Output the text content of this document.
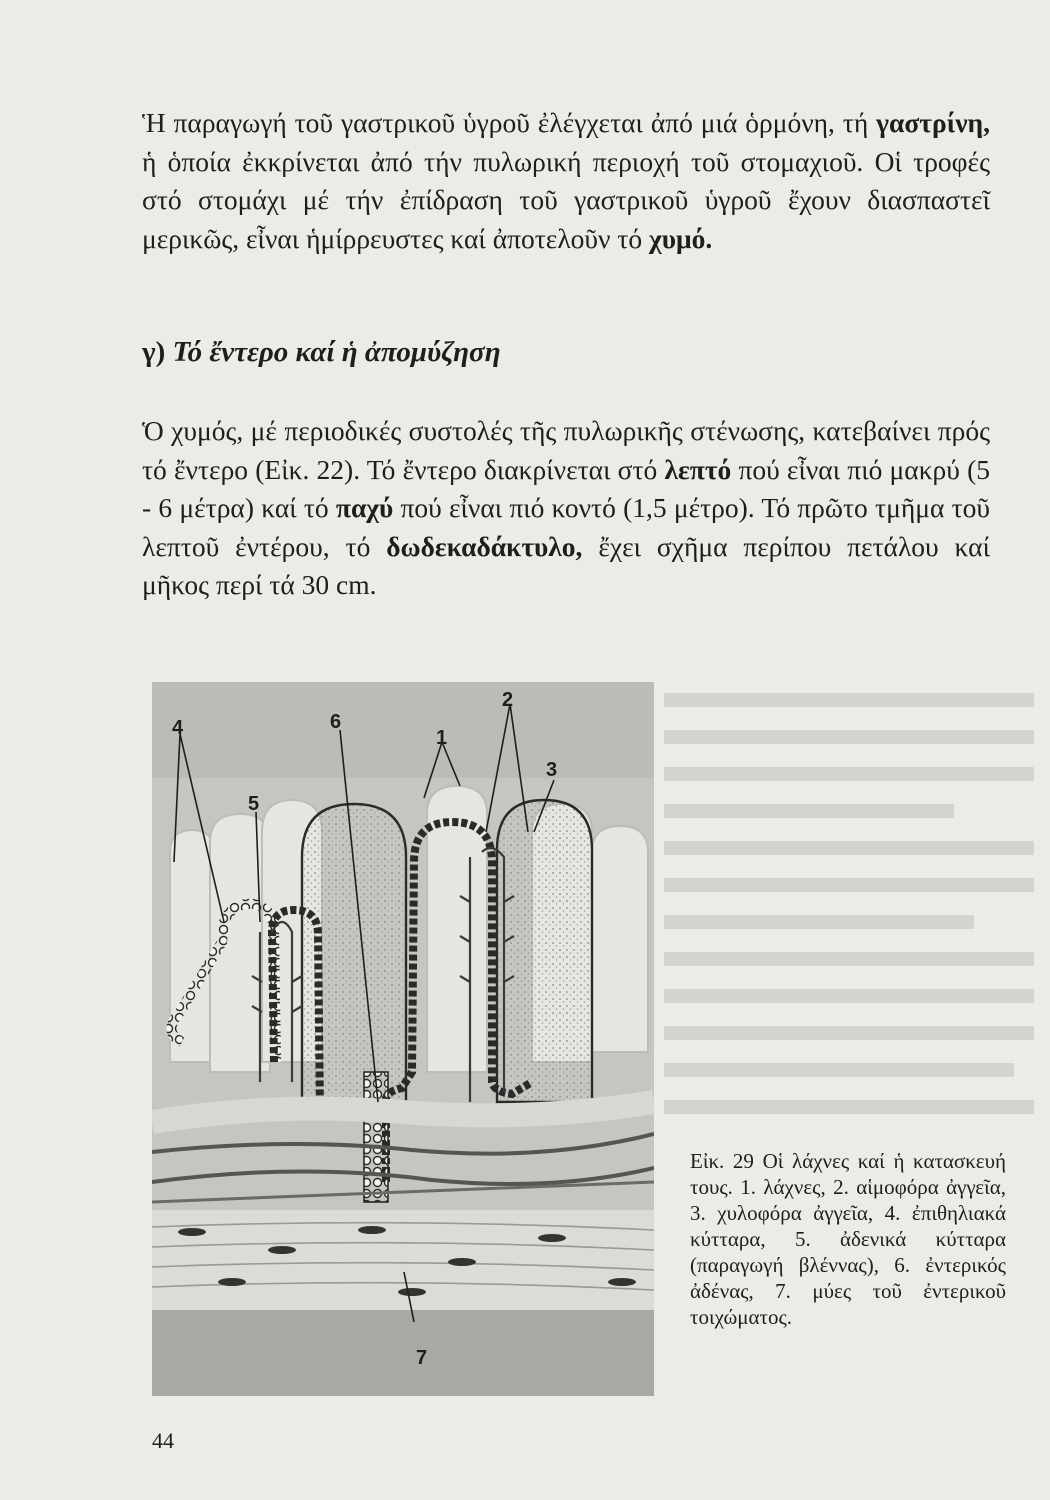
Ἡ παραγωγή τοῦ γαστρικοῦ ὑγροῦ ἐλέγχεται ἀπό μιά ὁρμόνη, τή γαστρίνη, ἡ ὁποία ἐκκρίνεται ἀπό τήν πυλωρική περιοχή τοῦ στομαχιοῦ. Οἱ τροφές στό στομάχι μέ τήν ἐπίδραση τοῦ γαστρικοῦ ὑγροῦ ἔχουν διασπαστεῖ μερικῶς, εἶναι ἡμίρρευστες καί ἀποτελοῦν τό χυμό.

γ) Τό ἔντερο καί ἡ ἀπομύζηση

Ὁ χυμός, μέ περιοδικές συστολές τῆς πυλωρικῆς στένωσης, κατεβαίνει πρός τό ἔντερο (Εἰκ. 22). Τό ἔντερο διακρίνεται στό λεπτό πού εἶναι πιό μακρύ (5 - 6 μέτρα) καί τό παχύ πού εἶναι πιό κοντό (1,5 μέτρο). Τό πρῶτο τμῆμα τοῦ λεπτοῦ ἐντέρου, τό δωδεκαδάκτυλο, ἔχει σχῆμα περίπου πετάλου καί μῆκος περί τά 30 cm.

1
2
3
4
5
6
7

Εἰκ. 29 Οἱ λάχνες καί ἡ κατασκευή τους. 1. λάχνες, 2. αἱμοφόρα ἀγγεῖα, 3. χυλοφόρα ἀγγεῖα, 4. ἐπιθηλιακά κύτταρα, 5. ἀδενικά κύτταρα (παραγωγή βλέννας), 6. ἐντερικός ἀδένας, 7. μύες τοῦ ἐντερικοῦ τοιχώματος.

44
